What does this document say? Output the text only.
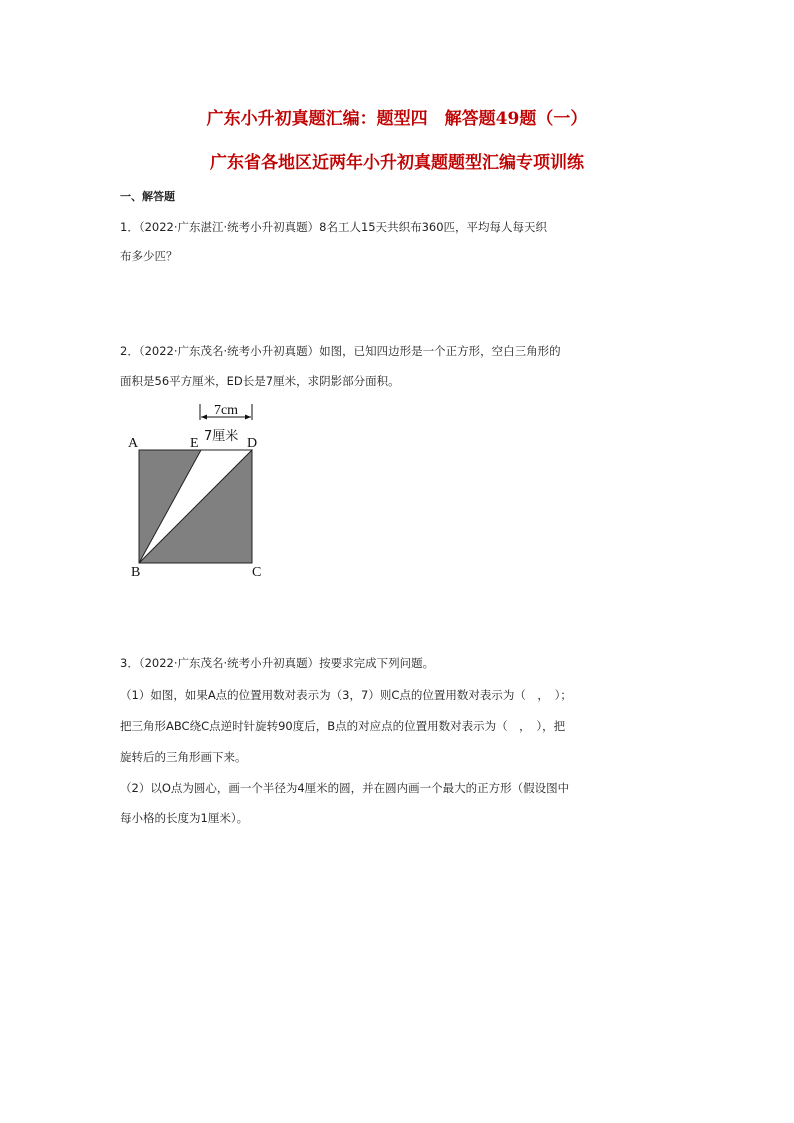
广东小升初真题汇编：题型四　解答题49题（一）
广东省各地区近两年小升初真题题型汇编专项训练
一、解答题
1．（2022·广东湛江·统考小升初真题）8名工人15天共织布360匹，平均每人每天织
布多少匹？
2．（2022·广东茂名·统考小升初真题）如图，已知四边形是一个正方形，空白三角形的
面积是56平方厘米，ED长是7厘米，求阴影部分面积。
7cm
7厘米
A	E	D
B	C
3．（2022·广东茂名·统考小升初真题）按要求完成下列问题。
（1）如图，如果A点的位置用数对表示为（3，7）则C点的位置用数对表示为（　，　）；
把三角形ABC绕C点逆时针旋转90度后，B点的对应点的位置用数对表示为（　，　），把
旋转后的三角形画下来。
（2）以O点为圆心，画一个半径为4厘米的圆，并在圆内画一个最大的正方形（假设图中
每小格的长度为1厘米）。
